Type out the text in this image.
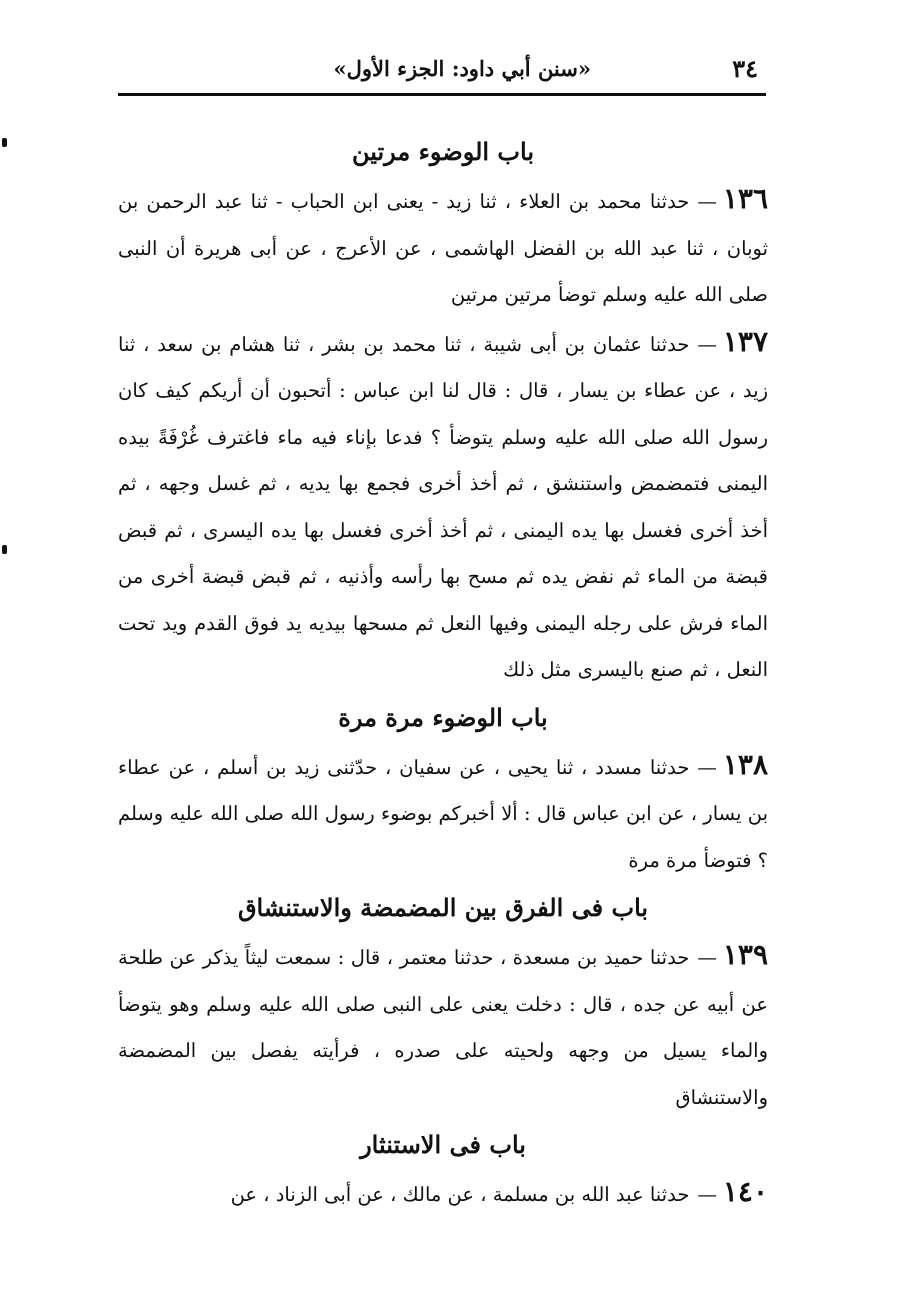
٣٤
«سنن أبي داود: الجزء الأول»
باب الوضوء مرتين

١٣٦—حدثنا محمد بن العلاء ، ثنا زيد - يعنى ابن الحباب - ثنا عبد الرحمن بن ثوبان ، ثنا عبد الله بن الفضل الهاشمى ، عن الأعرج ، عن أبى هريرة أن النبى صلى الله عليه وسلم توضأ مرتين مرتين

١٣٧—حدثنا عثمان بن أبى شيبة ، ثنا محمد بن بشر ، ثنا هشام بن سعد ، ثنا زيد ، عن عطاء بن يسار ، قال : قال لنا ابن عباس : أتحبون أن أريكم كيف كان رسول الله صلى الله عليه وسلم يتوضأ ؟ فدعا بإناء فيه ماء فاغترف غُرْفَةً بيده اليمنى فتمضمض واستنشق ، ثم أخذ أخرى فجمع بها يديه ، ثم غسل وجهه ، ثم أخذ أخرى فغسل بها يده اليمنى ، ثم أخذ أخرى فغسل بها يده اليسرى ، ثم قبض قبضة من الماء ثم نفض يده ثم مسح بها رأسه وأذنيه ، ثم قبض قبضة أخرى من الماء فرش على رجله اليمنى وفيها النعل ثم مسحها بيديه يد فوق القدم ويد تحت النعل ، ثم صنع باليسرى مثل ذلك

باب الوضوء مرة مرة

١٣٨—حدثنا مسدد ، ثنا يحيى ، عن سفيان ، حدّثنى زيد بن أسلم ، عن عطاء بن يسار ، عن ابن عباس قال : ألا أخبركم بوضوء رسول الله صلى الله عليه وسلم ؟ فتوضأ مرة مرة

باب فى الفرق بين المضمضة والاستنشاق

١٣٩—حدثنا حميد بن مسعدة ، حدثنا معتمر ، قال : سمعت ليثاً يذكر عن طلحة عن أبيه عن جده ، قال : دخلت يعنى على النبى صلى الله عليه وسلم وهو يتوضأ والماء يسيل من وجهه ولحيته على صدره ، فرأيته يفصل بين المضمضة والاستنشاق

باب فى الاستنثار

١٤٠—حدثنا عبد الله بن مسلمة ، عن مالك ، عن أبى الزناد ، عن
